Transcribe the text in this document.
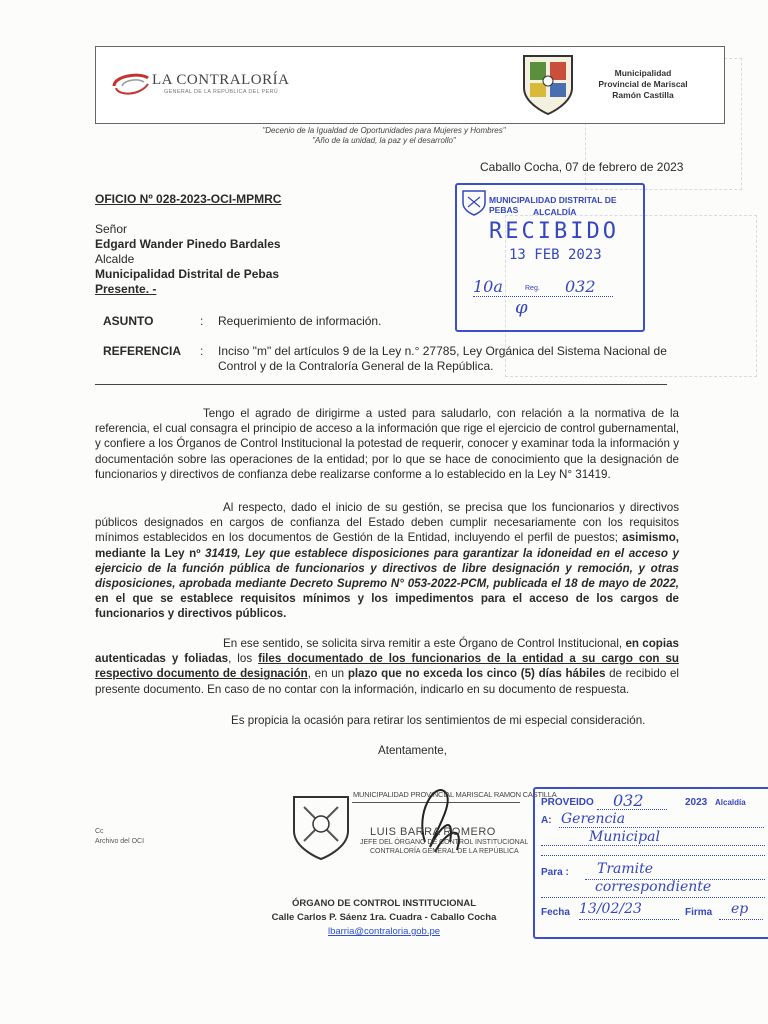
LA CONTRALORÍA
GENERAL DE LA REPÚBLICA DEL PERÚ
Municipalidad
Provincial de Mariscal
Ramón Castilla
"Decenio de la Igualdad de Oportunidades para Mujeres y Hombres"
"Año de la unidad, la paz y el desarrollo"
Caballo Cocha, 07 de febrero de 2023
OFICIO Nº 028-2023-OCI-MPMRC
Señor
Edgard Wander Pinedo Bardales
Alcalde
Municipalidad Distrital de Pebas
Presente. -
ASUNTO	: Requerimiento de información.
REFERENCIA : Inciso "m" del artículos 9 de la Ley n.° 27785, Ley Orgánica del Sistema Nacional de
Control y de la Contraloría General de la República.
MUNICIPALIDAD DISTRITAL DE PEBAS	ALCALDÍA
RECIBIDO
13 FEB 2023
10a	Reg. 032
φ
Tengo el agrado de dirigirme a usted para saludarlo, con relación a la normativa de la referencia, el cual consagra el principio de acceso a la información que rige el ejercicio de control gubernamental, y confiere a los Órganos de Control Institucional la potestad de requerir, conocer y examinar toda la información y documentación sobre las operaciones de la entidad; por lo que se hace de conocimiento que la designación de funcionarios y directivos de confianza debe realizarse conforme a lo establecido en la Ley N° 31419.
Al respecto, dado el inicio de su gestión, se precisa que los funcionarios y directivos públicos designados en cargos de confianza del Estado deben cumplir necesariamente con los requisitos mínimos establecidos en los documentos de Gestión de la Entidad, incluyendo el perfil de puestos; asimismo, mediante la Ley nº 31419, Ley que establece disposiciones para garantizar la idoneidad en el acceso y ejercicio de la función pública de funcionarios y directivos de libre designación y remoción, y otras disposiciones, aprobada mediante Decreto Supremo N° 053-2022-PCM, publicada el 18 de mayo de 2022, en el que se establece requisitos mínimos y los impedimentos para el acceso de los cargos de funcionarios y directivos públicos.
En ese sentido, se solicita sirva remitir a este Órgano de Control Institucional, en copias autenticadas y foliadas, los files documentado de los funcionarios de la entidad a su cargo con su respectivo documento de designación, en un plazo que no exceda los cinco (5) días hábiles de recibido el presente documento. En caso de no contar con la información, indicarlo en su documento de respuesta.
Es propicia la ocasión para retirar los sentimientos de mi especial consideración.
Atentamente,
MUNICIPALIDAD PROVINCIAL MARISCAL RAMON CASTILLA
LUIS BARRA ROMERO
JEFE DEL ÓRGANO DE CONTROL INSTITUCIONAL
CONTRALORÍA GENERAL DE LA REPÚBLICA
Cc
Archivo del OCI
PROVEIDO 032	2023 Alcaldía
A: Gerencia
Municipal
Para : Tramite
correspondiente
Fecha 13/02/23	Firma ep
ÓRGANO DE CONTROL INSTITUCIONAL
Calle Carlos P. Sáenz 1ra. Cuadra - Caballo Cocha
lbarria@contraloria.gob.pe
